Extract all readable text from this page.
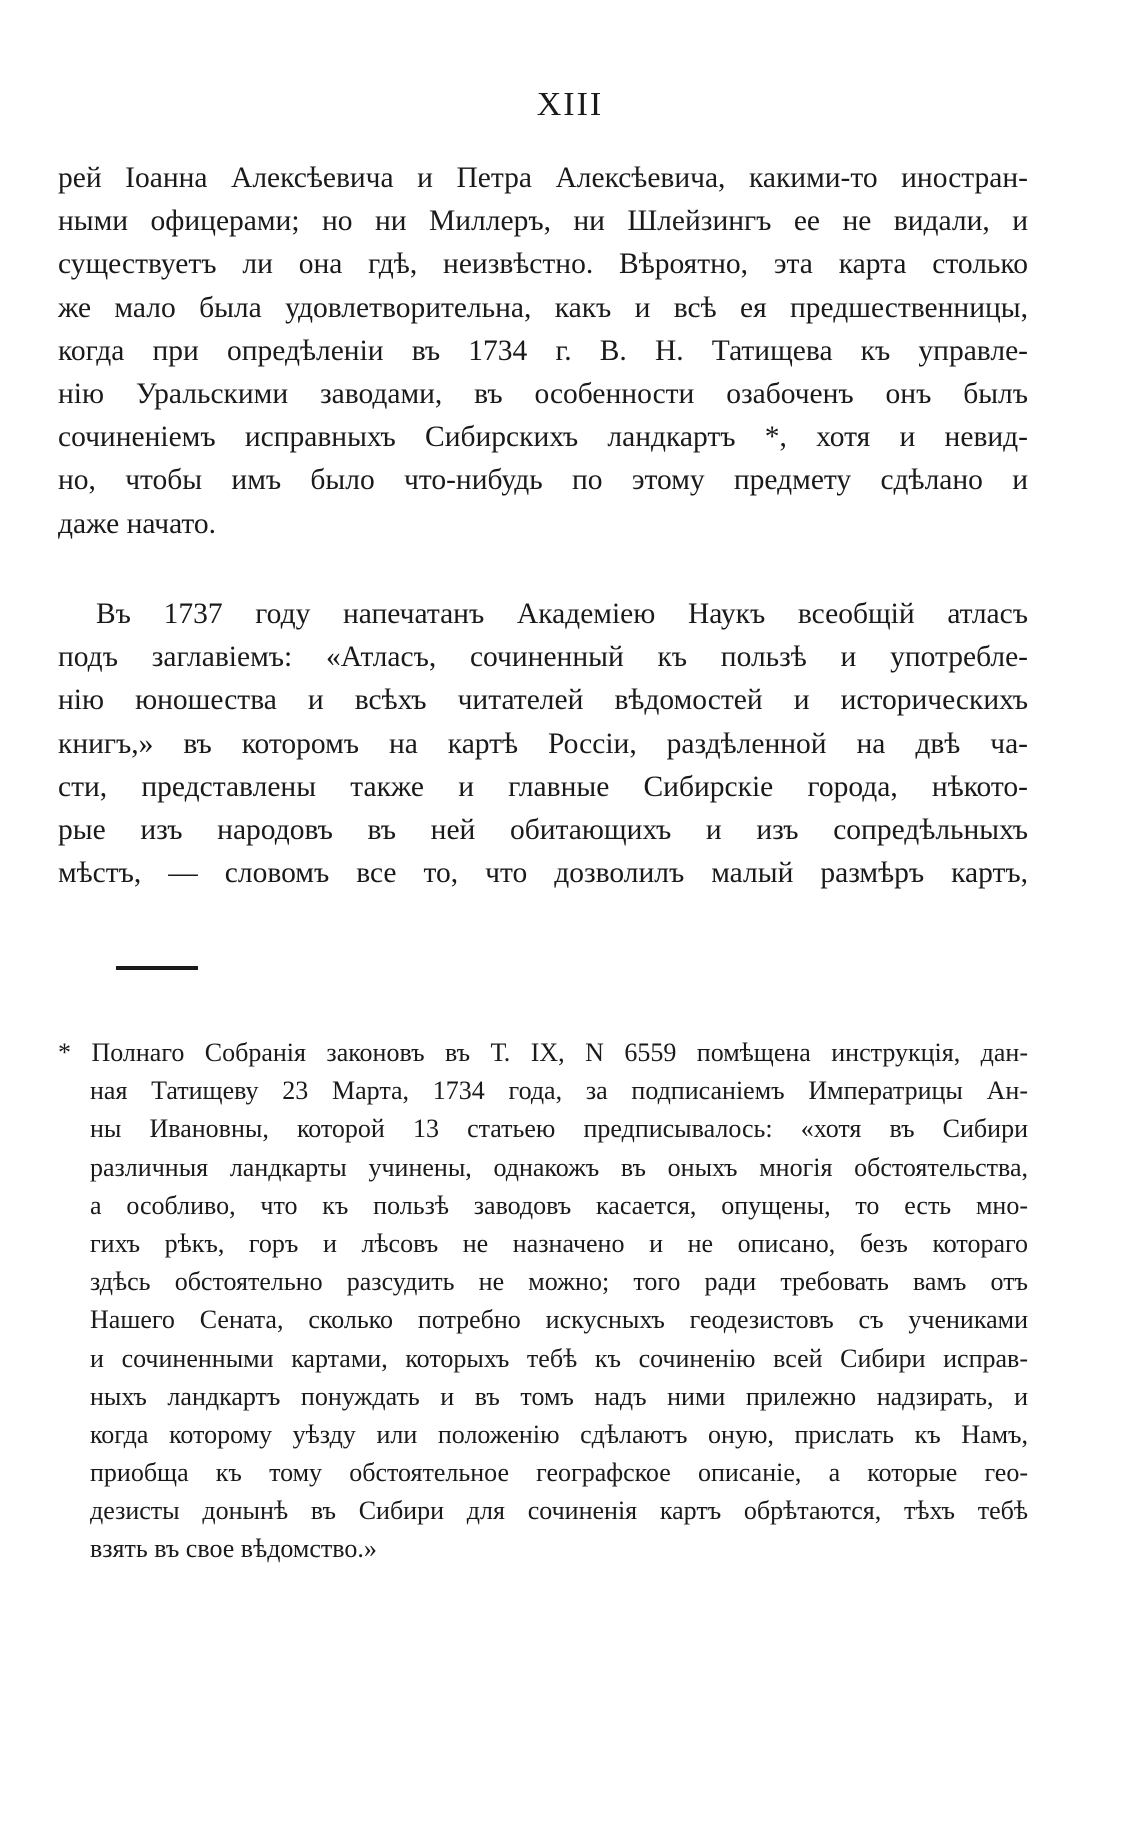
XIII
рей Іоанна Алексѣевича и Петра Алексѣевича, какими-то иностран-
ными офицерами; но ни Миллеръ, ни Шлейзингъ ее не видали, и
существуетъ ли она гдѣ, неизвѣстно. Вѣроятно, эта карта столько
же мало была удовлетворительна, какъ и всѣ ея предшественницы,
когда при опредѣленіи въ 1734 г. В. Н. Татищева къ управле-
нію Уральскими заводами, въ особенности озабоченъ онъ былъ
сочиненіемъ исправныхъ Сибирскихъ ландкартъ *, хотя и невид-
но, чтобы имъ было что-нибудь по этому предмету сдѣлано и
даже начато.
Въ 1737 году напечатанъ Академіею Наукъ всеобщій атласъ
подъ заглавіемъ: «Атласъ, сочиненный къ пользѣ и употребле-
нію юношества и всѣхъ читателей вѣдомостей и историческихъ
книгъ,» въ которомъ на картѣ Россіи, раздѣленной на двѣ ча-
сти, представлены также и главные Сибирскіе города, нѣкото-
рые изъ народовъ въ ней обитающихъ и изъ сопредѣльныхъ
мѣстъ, — словомъ все то, что дозволилъ малый размѣръ картъ,
* Полнаго Собранія законовъ въ Т. IX, N 6559 помѣщена инструкція, дан-
ная Татищеву 23 Марта, 1734 года, за подписаніемъ Императрицы Ан-
ны Ивановны, которой 13 статьею предписывалось: «хотя въ Сибири
различныя ландкарты учинены, однакожъ въ оныхъ многія обстоятельства,
а особливо, что къ пользѣ заводовъ касается, опущены, то есть мно-
гихъ рѣкъ, горъ и лѣсовъ не назначено и не описано, безъ котораго
здѣсь обстоятельно разсудить не можно; того ради требовать вамъ отъ
Нашего Сената, сколько потребно искусныхъ геодезистовъ съ учениками
и сочиненными картами, которыхъ тебѣ къ сочиненію всей Сибири исправ-
ныхъ ландкартъ понуждать и въ томъ надъ ними прилежно надзирать, и
когда которому уѣзду или положенію сдѣлаютъ оную, прислать къ Намъ,
приобща къ тому обстоятельное географское описаніе, а которые гео-
дезисты донынѣ въ Сибири для сочиненія картъ обрѣтаются, тѣхъ тебѣ
взять въ свое вѣдомство.»
